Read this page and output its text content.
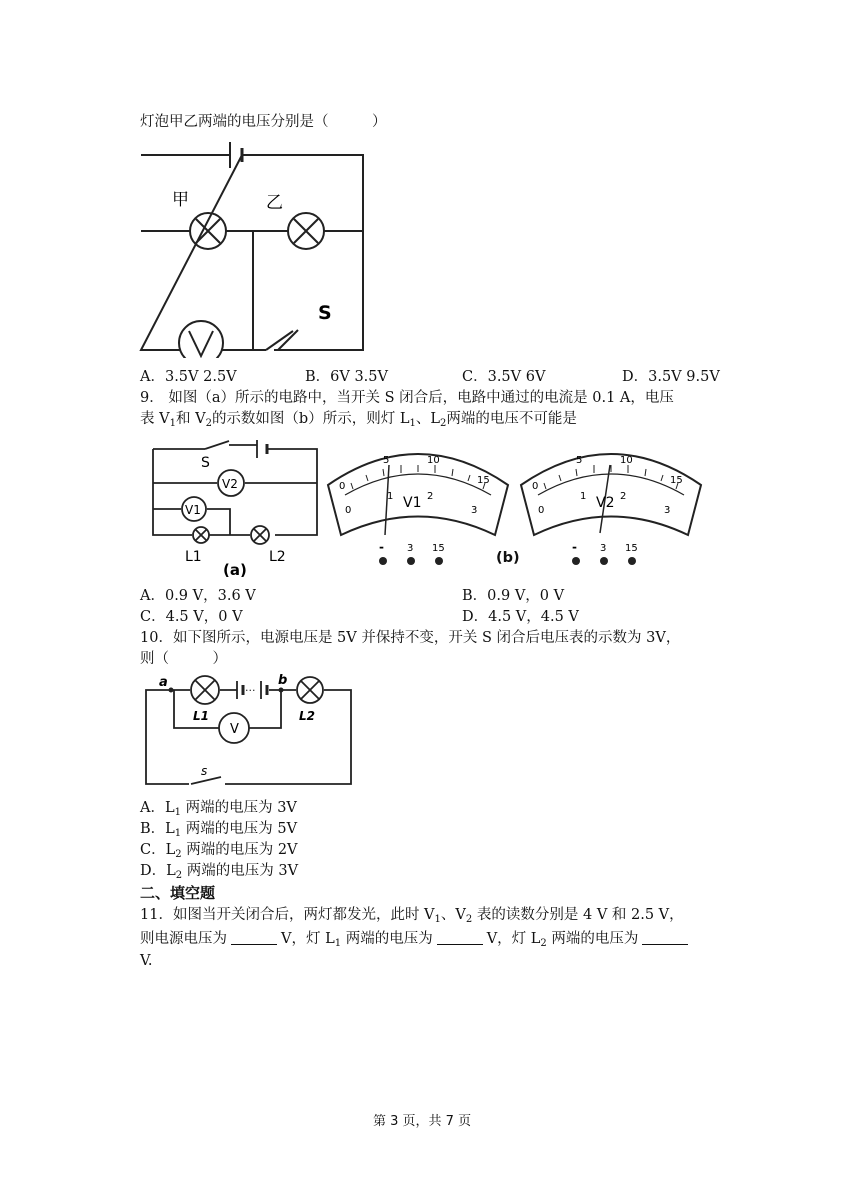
灯泡甲乙两端的电压分别是（　　　）
甲	乙
S
A．3.5V 2.5V	B．6V 3.5V	C．3.5V 6V	D．3.5V 9.5V
9． 如图（a）所示的电路中，当开关 S 闭合后，电路中通过的电流是 0.1 A，电压
表 $V_1$和 $V_2$的示数如图（b）所示，则灯 $L_1$、$L_2$两端的电压不可能是
S
V2
V1
L1	L2
(a)
0
5	10
15
0
1	2
3
V1
- 3 15
(b)
0
5	10
15
0
1	2
3
V2
- 3 15
A．0.9 V，3.6 V	B．0.9 V，0 V
C．4.5 V，0 V	D．4.5 V，4.5 V
10．如下图所示，电源电压是 5V 并保持不变，开关 S 闭合后电压表的示数为 3V，
则（　　　）
···
a	b
L1	L2
V
s
A．$L_1$ 两端的电压为 3V
B．$L_1$ 两端的电压为 5V
C．$L_2$ 两端的电压为 2V
D．$L_2$ 两端的电压为 3V
二、填空题
11．如图当开关闭合后，两灯都发光，此时 $V_1$、$V_2$ 表的读数分别是 4 V 和 2.5 V，
则电源电压为	V，灯 $L_1$ 两端的电压为	V，灯 $L_2$ 两端的电压为
V.
第 3 页，共 7 页
